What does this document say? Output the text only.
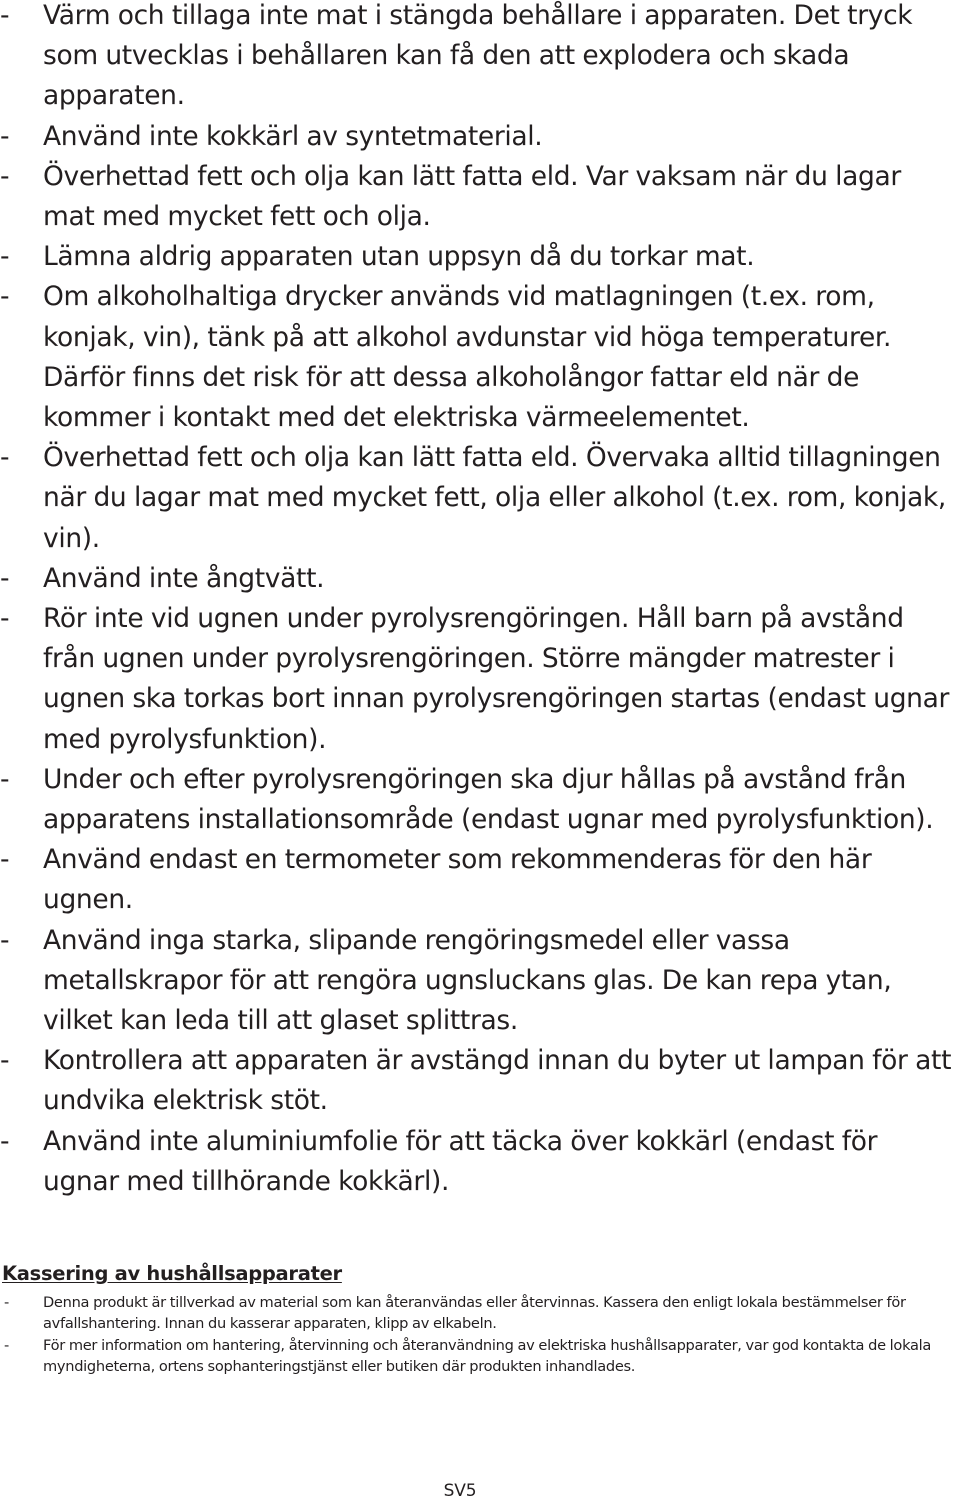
-	Värm och tillaga inte mat i stängda behållare i apparaten. Det tryck som utvecklas i behållaren kan få den att explodera och skada apparaten.
-	Använd inte kokkärl av syntetmaterial.
-	Överhettad fett och olja kan lätt fatta eld. Var vaksam när du lagar mat med mycket fett och olja.
-	Lämna aldrig apparaten utan uppsyn då du torkar mat.
-	Om alkoholhaltiga drycker används vid matlagningen (t.ex. rom, konjak, vin), tänk på att alkohol avdunstar vid höga temperaturer. Därför finns det risk för att dessa alkoholångor fattar eld när de kommer i kontakt med det elektriska värmeelementet.
-	Överhettad fett och olja kan lätt fatta eld. Övervaka alltid tillagningen när du lagar mat med mycket fett, olja eller alkohol (t.ex. rom, konjak, vin).
-	Använd inte ångtvätt.
-	Rör inte vid ugnen under pyrolysrengöringen. Håll barn på avstånd från ugnen under pyrolysrengöringen. Större mängder matrester i ugnen ska torkas bort innan pyrolysrengöringen startas (endast ugnar med pyrolysfunktion).
-	Under och efter pyrolysrengöringen ska djur hållas på avstånd från apparatens installationsområde (endast ugnar med pyrolysfunktion).
-	Använd endast en termometer som rekommenderas för den här ugnen.
-	Använd inga starka, slipande rengöringsmedel eller vassa metallskrapor för att rengöra ugnsluckans glas. De kan repa ytan, vilket kan leda till att glaset splittras.
-	Kontrollera att apparaten är avstängd innan du byter ut lampan för att undvika elektrisk stöt.
-	Använd inte aluminiumfolie för att täcka över kokkärl (endast för ugnar med tillhörande kokkärl).
Kassering av hushållsapparater
- Denna produkt är tillverkad av material som kan återanvändas eller återvinnas. Kassera den enligt lokala bestämmelser för avfallshantering. Innan du kasserar apparaten, klipp av elkabeln.
- För mer information om hantering, återvinning och återanvändning av elektriska hushållsapparater, var god kontakta de lokala myndigheterna, ortens sophanteringstjänst eller butiken där produkten inhandlades.
SV5
